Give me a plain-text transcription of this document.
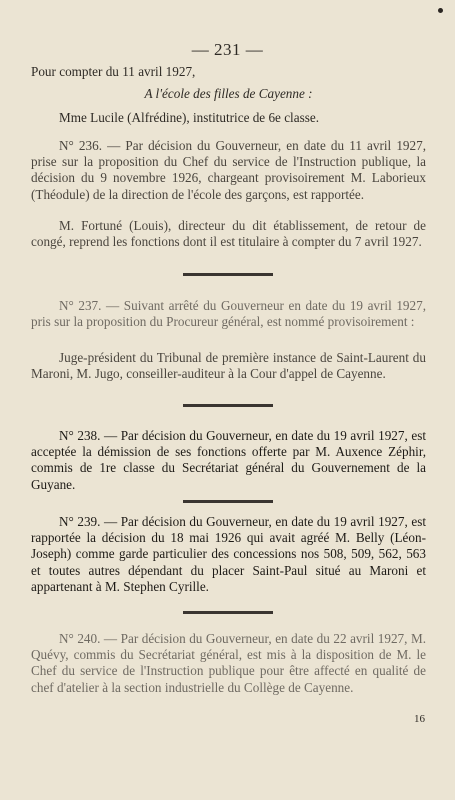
— 231 —

Pour compter du 11 avril 1927,

A l'école des filles de Cayenne :

Mme Lucile (Alfrédine), institutrice de 6e classe.

N° 236. — Par décision du Gouverneur, en date du 11 avril 1927, prise sur la proposition du Chef du service de l'Instruction publique, la décision du 9 novembre 1926, chargeant provisoirement M. Laborieux (Théodule) de la direction de l'école des garçons, est rapportée.

M. Fortuné (Louis), directeur du dit établissement, de retour de congé, reprend les fonctions dont il est titulaire à compter du 7 avril 1927.

N° 237. — Suivant arrêté du Gouverneur en date du 19 avril 1927, pris sur la proposition du Procureur général, est nommé provisoirement :

Juge-président du Tribunal de première instance de Saint-Laurent du Maroni, M. Jugo, conseiller-auditeur à la Cour d'appel de Cayenne.

N° 238. — Par décision du Gouverneur, en date du 19 avril 1927, est acceptée la démission de ses fonctions offerte par M. Auxence Zéphir, commis de 1re classe du Secrétariat général du Gouvernement de la Guyane.

N° 239. — Par décision du Gouverneur, en date du 19 avril 1927, est rapportée la décision du 18 mai 1926 qui avait agréé M. Belly (Léon-Joseph) comme garde particulier des concessions nos 508, 509, 562, 563 et toutes autres dépendant du placer Saint-Paul situé au Maroni et appartenant à M. Stephen Cyrille.

N° 240. — Par décision du Gouverneur, en date du 22 avril 1927, M. Quévy, commis du Secrétariat général, est mis à la disposition de M. le Chef du service de l'Instruction publique pour être affecté en qualité de chef d'atelier à la section industrielle du Collège de Cayenne.

16
